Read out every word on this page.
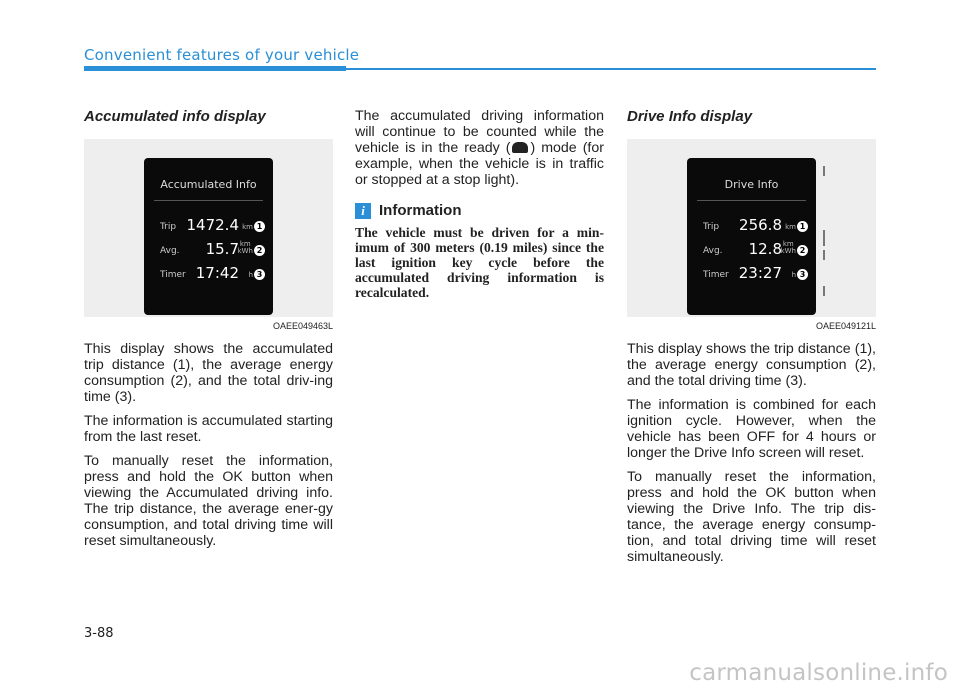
Convenient features of your vehicle
Accumulated info display
Accumulated Info
Trip 1472.4 km 1
Avg. 15.7 km
kWh 2
Timer 17:42 h 3
OAEE049463L

This display shows the accumulated trip distance (1), the average energy consumption (2), and the total driv-ing time (3).

The information is accumulated starting from the last reset.

To manually reset the information, press and hold the OK button when viewing the Accumulated driving info. The trip distance, the average ener-gy consumption, and total driving time will reset simultaneously.

The accumulated driving information will continue to be counted while the vehicle is in the ready ( ) mode (for example, when the vehicle is in traffic or stopped at a stop light).

i Information

The vehicle must be driven for a min-imum of 300 meters (0.19 miles) since the last ignition key cycle before the accumulated driving information is recalculated.

Drive Info display
Drive Info
Trip 256.8 km 1
Avg. 12.8 km
kWh 2
Timer 23:27 h 3
OAEE049121L

This display shows the trip distance (1), the average energy consumption (2), and the total driving time (3).

The information is combined for each ignition cycle. However, when the vehicle has been OFF for 4 hours or longer the Drive Info screen will reset.

To manually reset the information, press and hold the OK button when viewing the Drive Info. The trip dis-tance, the average energy consump-tion, and total driving time will reset simultaneously.

3-88
carmanualsonline.info
